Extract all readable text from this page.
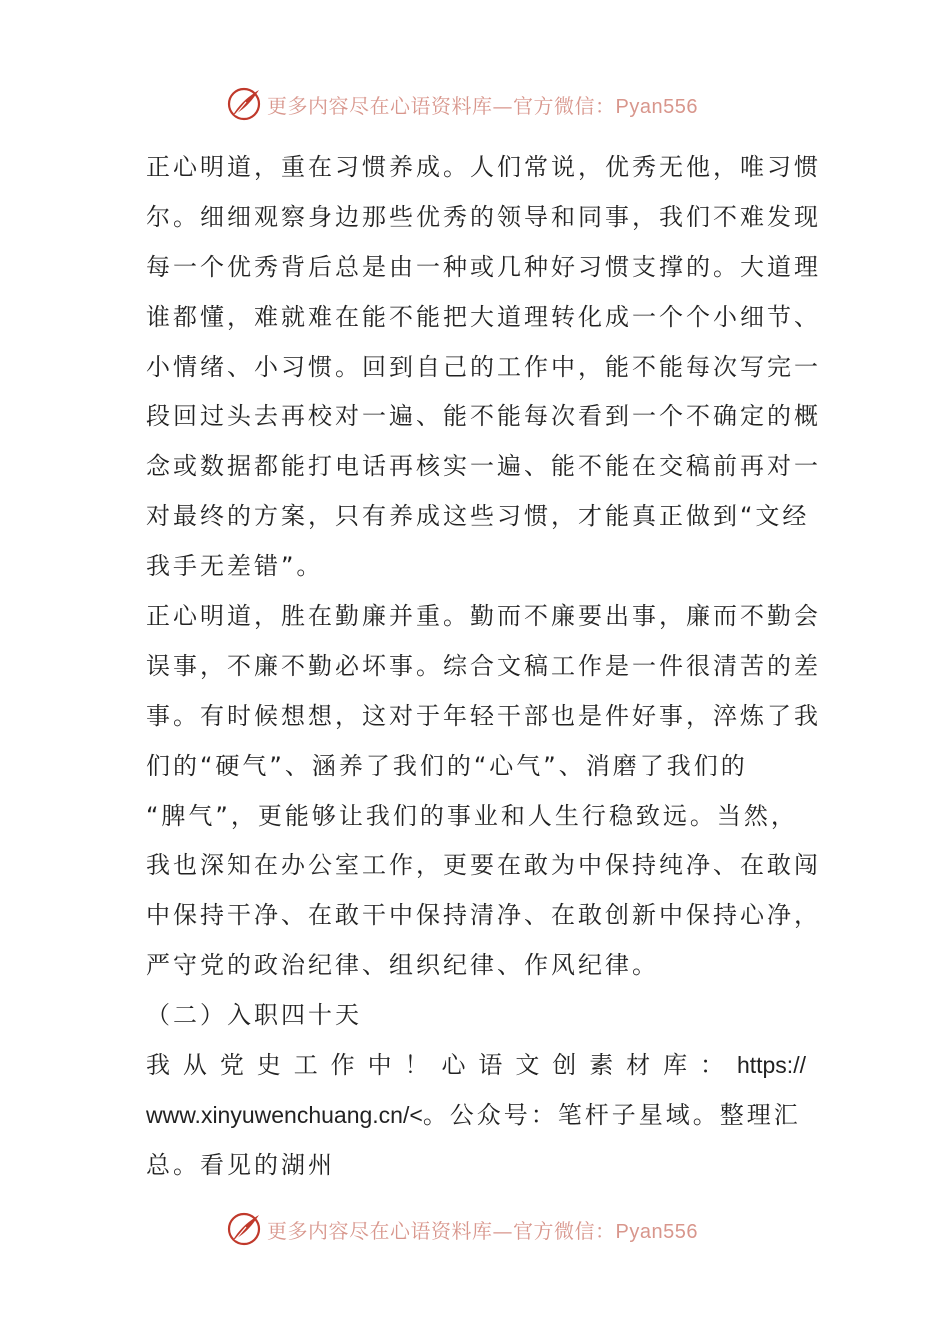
更多内容尽在心语资料库—官方微信：Pyan556
正心明道，重在习惯养成。人们常说，优秀无他，唯习惯
尔。细细观察身边那些优秀的领导和同事，我们不难发现
每一个优秀背后总是由一种或几种好习惯支撑的。大道理
谁都懂，难就难在能不能把大道理转化成一个个小细节、
小情绪、小习惯。回到自己的工作中，能不能每次写完一
段回过头去再校对一遍、能不能每次看到一个不确定的概
念或数据都能打电话再核实一遍、能不能在交稿前再对一
对最终的方案，只有养成这些习惯，才能真正做到“文经
我手无差错”。
正心明道，胜在勤廉并重。勤而不廉要出事，廉而不勤会
误事，不廉不勤必坏事。综合文稿工作是一件很清苦的差
事。有时候想想，这对于年轻干部也是件好事，淬炼了我
们的“硬气”、涵养了我们的“心气”、消磨了我们的
“脾气”，更能够让我们的事业和人生行稳致远。当然，
我也深知在办公室工作，更要在敢为中保持纯净、在敢闯
中保持干净、在敢干中保持清净、在敢创新中保持心净，
严守党的政治纪律、组织纪律、作风纪律。
（二）入职四十天
我 从 党 史 工 作 中 ！ 心 语 文 创 素 材 库 ： https://
www.xinyuwenchuang.cn/<。公众号：笔杆子星域。整理汇
总。看见的湖州
更多内容尽在心语资料库—官方微信：Pyan556
